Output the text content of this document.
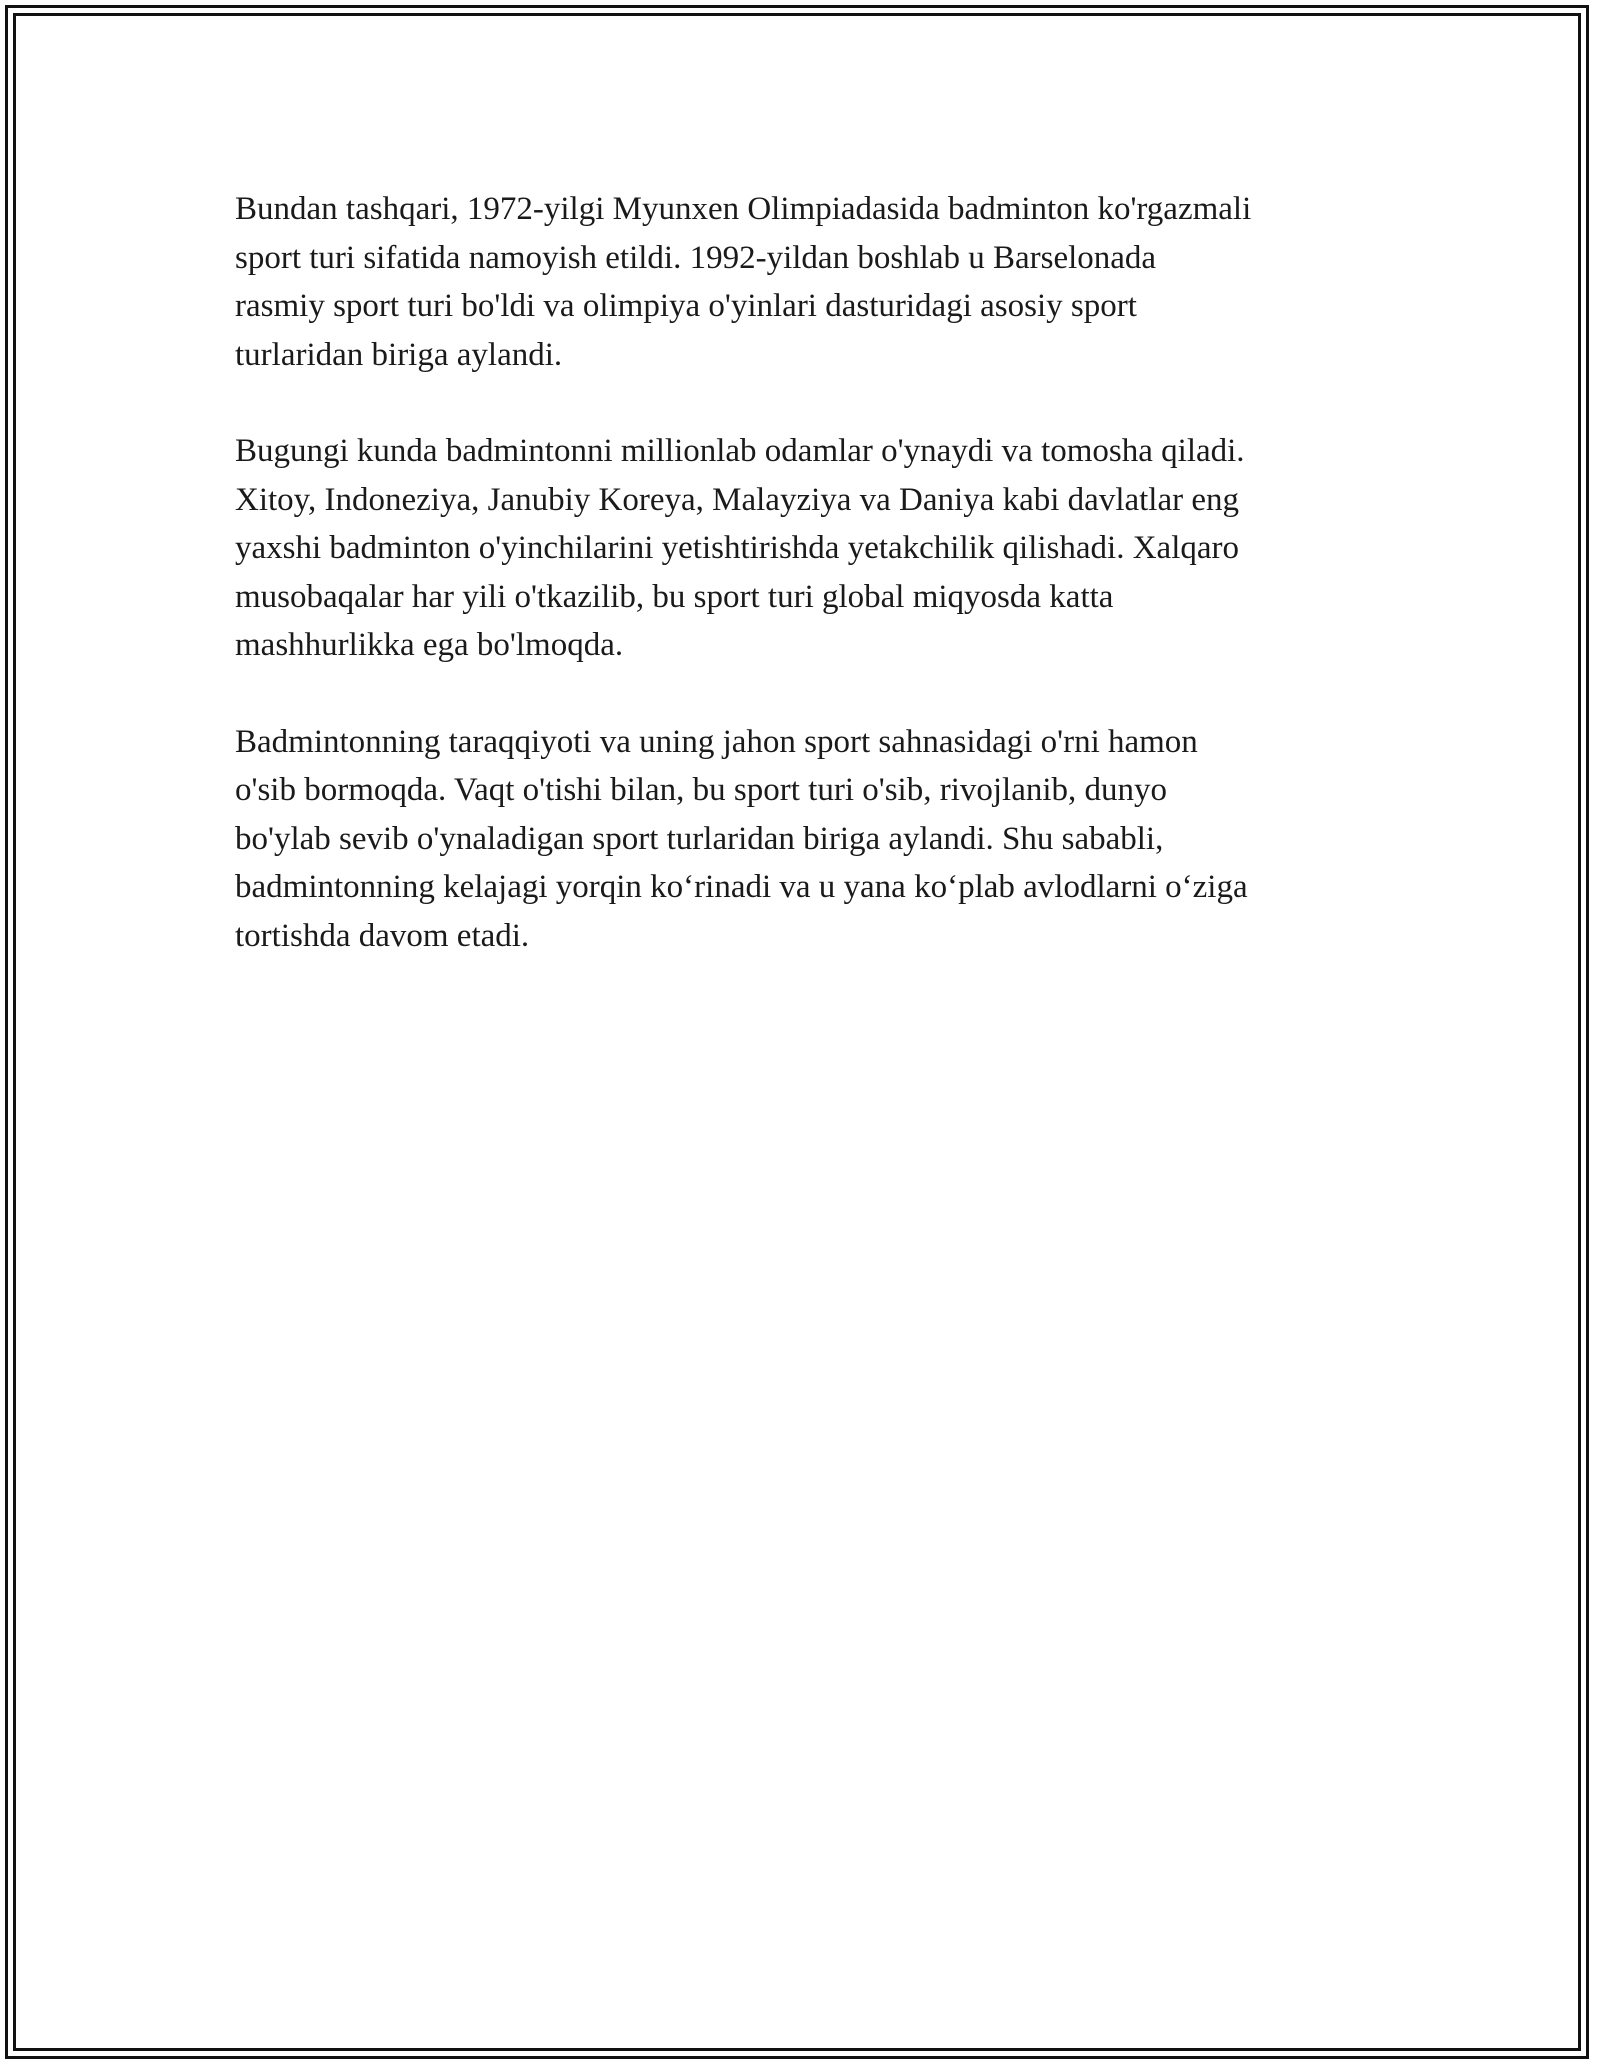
Bundan tashqari, 1972-yilgi Myunxen Olimpiadasida badminton ko'rgazmali
sport turi sifatida namoyish etildi. 1992-yildan boshlab u Barselonada
rasmiy sport turi bo'ldi va olimpiya o'yinlari dasturidagi asosiy sport
turlaridan biriga aylandi.

Bugungi kunda badmintonni millionlab odamlar o'ynaydi va tomosha qiladi.
Xitoy, Indoneziya, Janubiy Koreya, Malayziya va Daniya kabi davlatlar eng
yaxshi badminton o'yinchilarini yetishtirishda yetakchilik qilishadi. Xalqaro
musobaqalar har yili o'tkazilib, bu sport turi global miqyosda katta
mashhurlikka ega bo'lmoqda.

Badmintonning taraqqiyoti va uning jahon sport sahnasidagi o'rni hamon
o'sib bormoqda. Vaqt o'tishi bilan, bu sport turi o'sib, rivojlanib, dunyo
bo'ylab sevib o'ynaladigan sport turlaridan biriga aylandi. Shu sababli,
badmintonning kelajagi yorqin koʻrinadi va u yana koʻplab avlodlarni oʻziga
tortishda davom etadi.
